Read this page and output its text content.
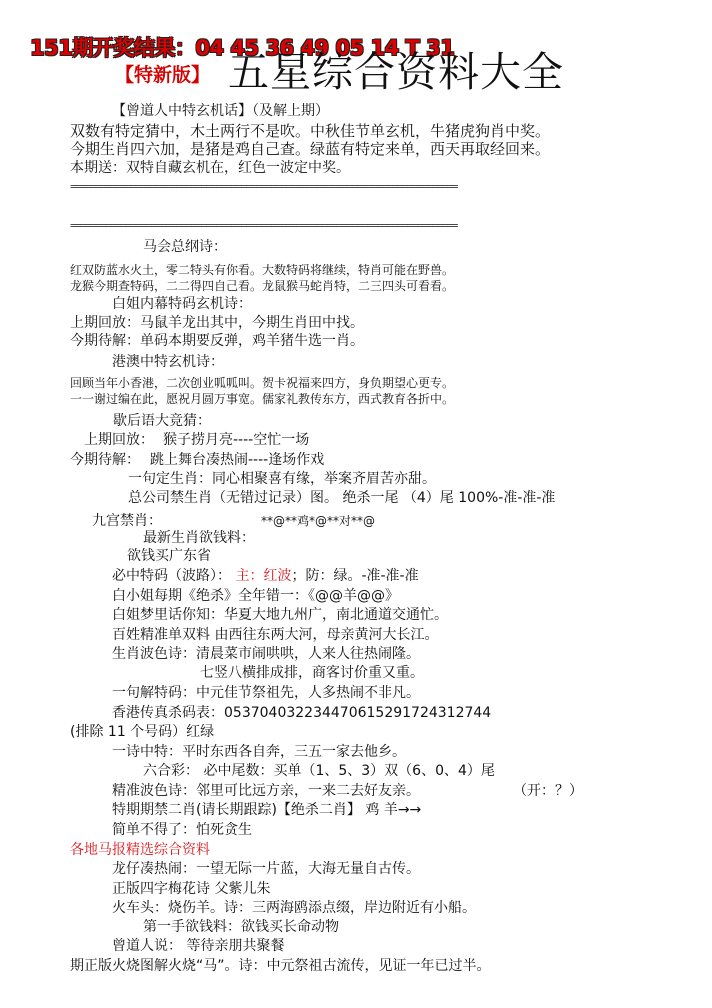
151期开奖结果：04 45 36 49 05 14 T 31
【特新版】 五星综合资料大全
【曾道人中特玄机话】（及解上期）
双数有特定猜中，木土两行不是吹。中秋佳节单玄机，牛猪虎狗肖中奖。
今期生肖四六加，是猪是鸡自己查。绿蓝有特定来单，西天再取经回来。
本期送：双特自藏玄机在，红色一波定中奖。
=============================================================================
=============================================================================
马会总纲诗：
红双防蓝水火土，零二特头有你看。大数特码将继续，特肖可能在野兽。
龙猴今期查特码，二二得四自己看。龙鼠猴马蛇肖特，二三四头可看看。
白姐内幕特码玄机诗：
上期回放：马鼠羊龙出其中，今期生肖田中找。
今期待解：单码本期要反弹，鸡羊猪牛选一肖。
港澳中特玄机诗：
回顾当年小香港，二次创业呱呱叫。贺卡祝福来四方，身负期望心更专。
一一谢过编在此，愿祝月圆万事宽。儒家礼教传东方，西式教育各折中。
歇后语大竞猜：
上期回放： 猴子捞月亮----空忙一场
今期待解： 跳上舞台凑热闹----逢场作戏
一句定生肖：同心相聚喜有缘，举案齐眉苦亦甜。
总公司禁生肖（无错过记录）图。 绝杀一尾 （4）尾 100%-准-准-准
九宫禁肖：	**@**鸡*@**对**@
最新生肖欲钱料：
欲钱买广东省
必中特码（波路）： 主：红波；防：绿。-准-准-准
白小姐每期《绝杀》全年错一：《@@羊@@》
白姐梦里话你知：华夏大地九州广，南北通道交通忙。
百姓精准单双料 由西往东两大河，母亲黄河大长江。
生肖波色诗：清晨菜市闹哄哄，人来人往热闹隆。
七竖八横排成排，商客讨价重又重。
一句解特码：中元佳节祭祖先，人多热闹不非凡。
香港传真杀码表：0537040322344706152917243127​44
(排除 11 个号码）红绿
一诗中特：平时东西各自奔，三五一家去他乡。
六合彩： 必中尾数：买单（1、5、3）双（6、0、4）尾
精准波色诗：邻里可比远方亲，一来二去好友亲。	（开：？）
特期期禁二肖(请长期跟踪)【绝杀二肖】 鸡 羊→→
简单不得了：怕死贪生
各地马报精选综合资料
龙仔凑热闹：一望无际一片蓝，大海无量自古传。
正版四字梅花诗 父紫儿朱
火车头：烧伤羊。诗：三两海鸥添点缀，岸边附近有小船。
第一手欲钱料：欲钱买长命动物
曾道人说： 等待亲朋共聚餐
期正版火烧图解火烧“马”。诗：中元祭祖古流传，见证一年已过半。
